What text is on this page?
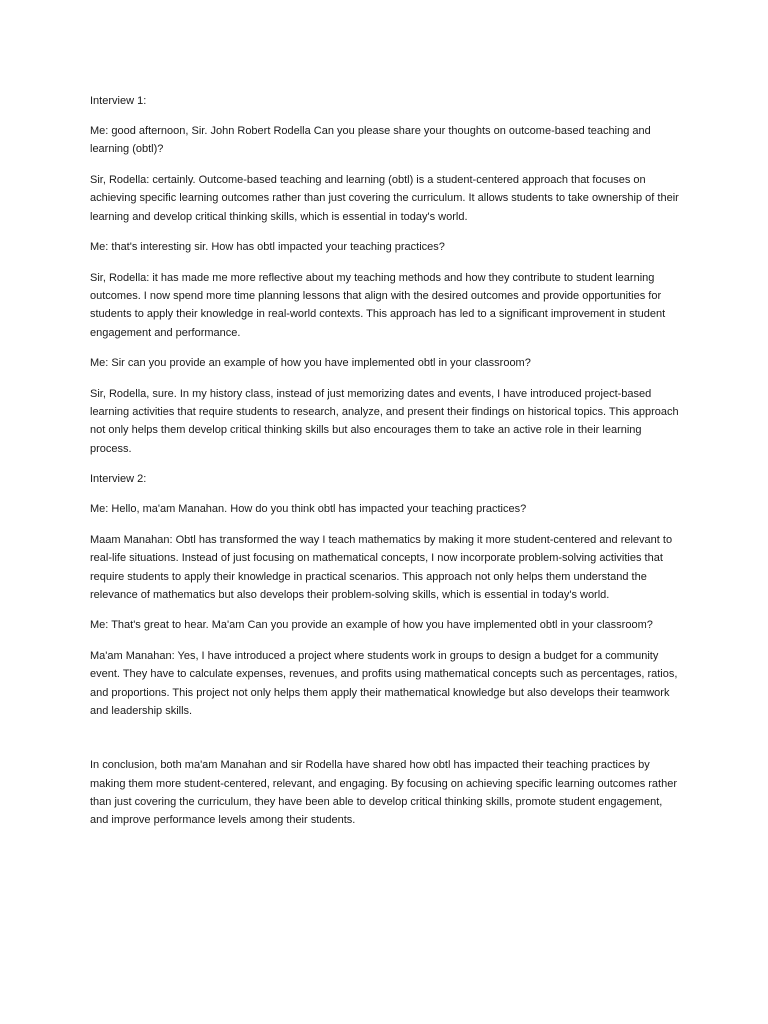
Interview 1:

Me: good afternoon, Sir. John Robert Rodella Can you please share your thoughts on outcome-based teaching and learning (obtl)?

Sir, Rodella: certainly. Outcome-based teaching and learning (obtl) is a student-centered approach that focuses on achieving specific learning outcomes rather than just covering the curriculum. It allows students to take ownership of their learning and develop critical thinking skills, which is essential in today's world.

Me: that's interesting sir. How has obtl impacted your teaching practices?

Sir, Rodella: it has made me more reflective about my teaching methods and how they contribute to student learning outcomes. I now spend more time planning lessons that align with the desired outcomes and provide opportunities for students to apply their knowledge in real-world contexts. This approach has led to a significant improvement in student engagement and performance.

Me: Sir can you provide an example of how you have implemented obtl in your classroom?

Sir, Rodella, sure. In my history class, instead of just memorizing dates and events, I have introduced project-based learning activities that require students to research, analyze, and present their findings on historical topics. This approach not only helps them develop critical thinking skills but also encourages them to take an active role in their learning process.

Interview 2:

Me: Hello, ma'am Manahan. How do you think obtl has impacted your teaching practices?

Maam Manahan: Obtl has transformed the way I teach mathematics by making it more student-centered and relevant to real-life situations. Instead of just focusing on mathematical concepts, I now incorporate problem-solving activities that require students to apply their knowledge in practical scenarios. This approach not only helps them understand the relevance of mathematics but also develops their problem-solving skills, which is essential in today's world.

Me: That's great to hear. Ma'am Can you provide an example of how you have implemented obtl in your classroom?

Ma'am Manahan: Yes, I have introduced a project where students work in groups to design a budget for a community event. They have to calculate expenses, revenues, and profits using mathematical concepts such as percentages, ratios, and proportions. This project not only helps them apply their mathematical knowledge but also develops their teamwork and leadership skills.

In conclusion, both ma'am Manahan and sir Rodella have shared how obtl has impacted their teaching practices by making them more student-centered, relevant, and engaging. By focusing on achieving specific learning outcomes rather than just covering the curriculum, they have been able to develop critical thinking skills, promote student engagement, and improve performance levels among their students.
